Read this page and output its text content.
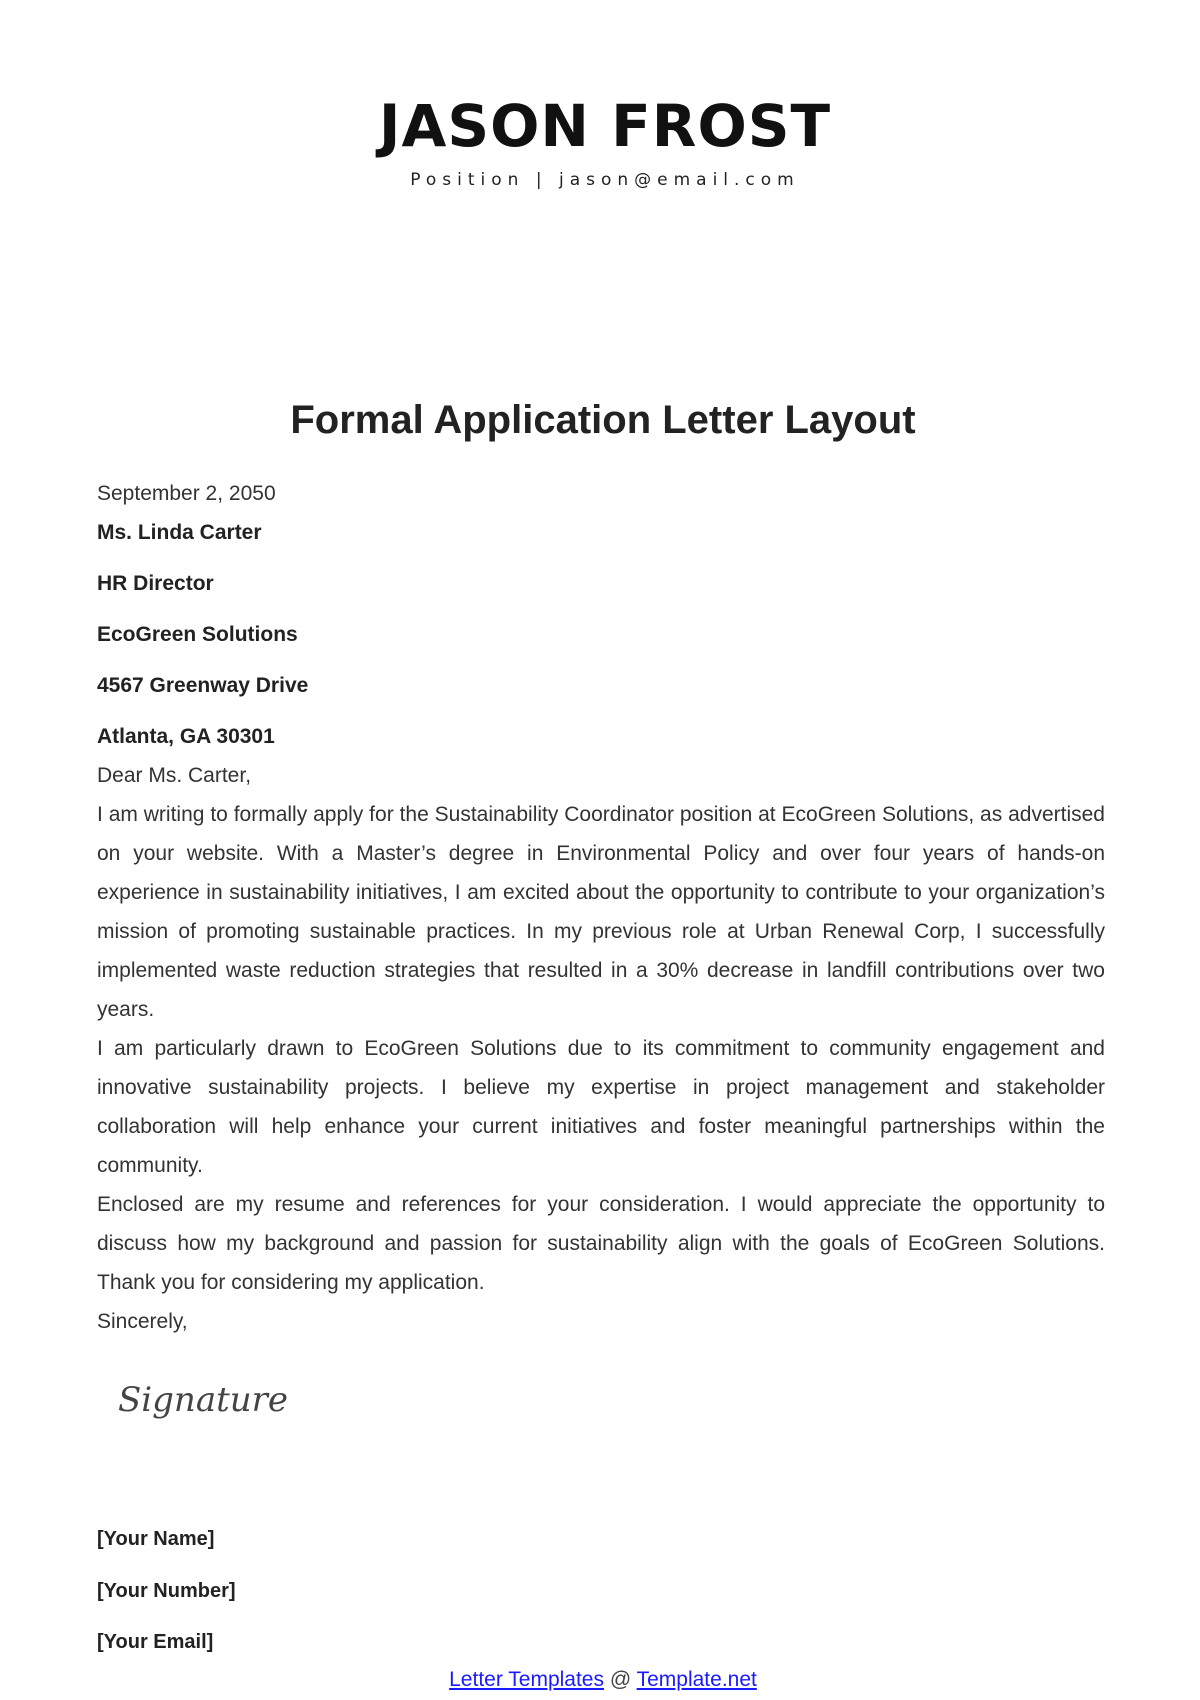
JASON FROST
Position | jason@email.com
Formal Application Letter Layout

September 2, 2050

Ms. Linda Carter

HR Director

EcoGreen Solutions

4567 Greenway Drive

Atlanta, GA 30301

Dear Ms. Carter,

I am writing to formally apply for the Sustainability Coordinator position at EcoGreen Solutions, as advertised on your website. With a Master’s degree in Environmental Policy and over four years of hands-on experience in sustainability initiatives, I am excited about the opportunity to contribute to your organization’s mission of promoting sustainable practices. In my previous role at Urban Renewal Corp, I successfully implemented waste reduction strategies that resulted in a 30% decrease in landfill contributions over two years.

I am particularly drawn to EcoGreen Solutions due to its commitment to community engagement and innovative sustainability projects. I believe my expertise in project management and stakeholder collaboration will help enhance your current initiatives and foster meaningful partnerships within the community.

Enclosed are my resume and references for your consideration. I would appreciate the opportunity to discuss how my background and passion for sustainability align with the goals of EcoGreen Solutions. Thank you for considering my application.

Sincerely,

Signature
[Your Name]
[Your Number]
[Your Email]
Letter Templates @ Template.net
